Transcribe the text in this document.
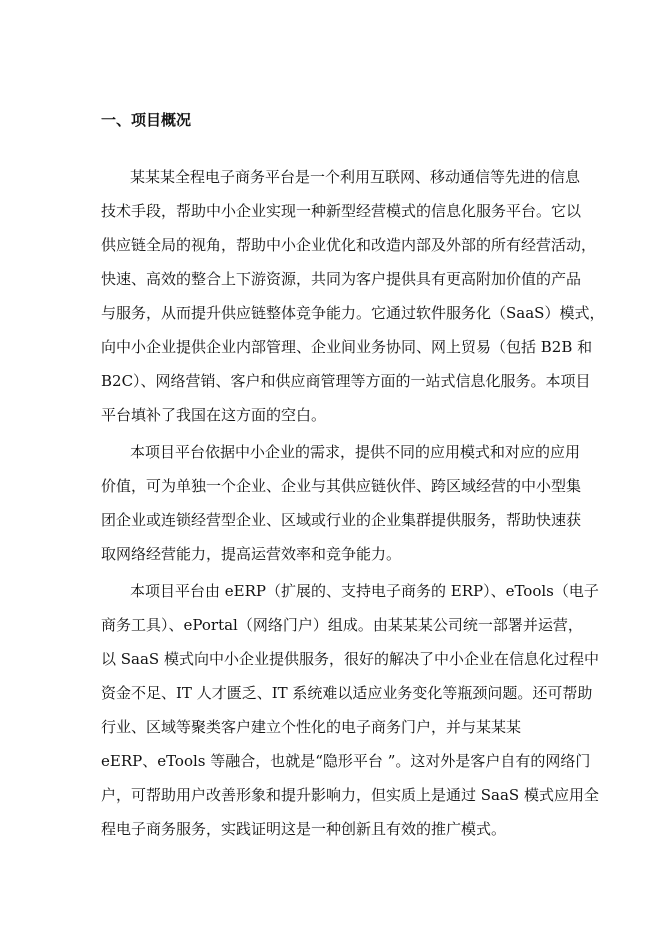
一、项目概况

某某某全程电子商务平台是一个利用互联网、移动通信等先进的信息

技术手段，帮助中小企业实现一种新型经营模式的信息化服务平台。它以

供应链全局的视角，帮助中小企业优化和改造内部及外部的所有经营活动，

快速、高效的整合上下游资源，共同为客户提供具有更高附加价值的产品

与服务，从而提升供应链整体竞争能力。它通过软件服务化（SaaS）模式，

向中小企业提供企业内部管理、企业间业务协同、网上贸易（包括 B2B 和

B2C）、网络营销、客户和供应商管理等方面的一站式信息化服务。本项目

平台填补了我国在这方面的空白。

本项目平台依据中小企业的需求，提供不同的应用模式和对应的应用

价值，可为单独一个企业、企业与其供应链伙伴、跨区域经营的中小型集

团企业或连锁经营型企业、区域或行业的企业集群提供服务，帮助快速获

取网络经营能力，提高运营效率和竞争能力。

本项目平台由 eERP（扩展的、支持电子商务的 ERP）、eTools（电子

商务工具）、ePortal（网络门户）组成。由某某某公司统一部署并运营，

以 SaaS 模式向中小企业提供服务，很好的解决了中小企业在信息化过程中

资金不足、IT 人才匮乏、IT 系统难以适应业务变化等瓶颈问题。还可帮助

行业、区域等聚类客户建立个性化的电子商务门户，并与某某某

eERP、eTools 等融合，也就是“隐形平台 ”。这对外是客户自有的网络门

户，可帮助用户改善形象和提升影响力，但实质上是通过 SaaS 模式应用全

程电子商务服务，实践证明这是一种创新且有效的推广模式。
